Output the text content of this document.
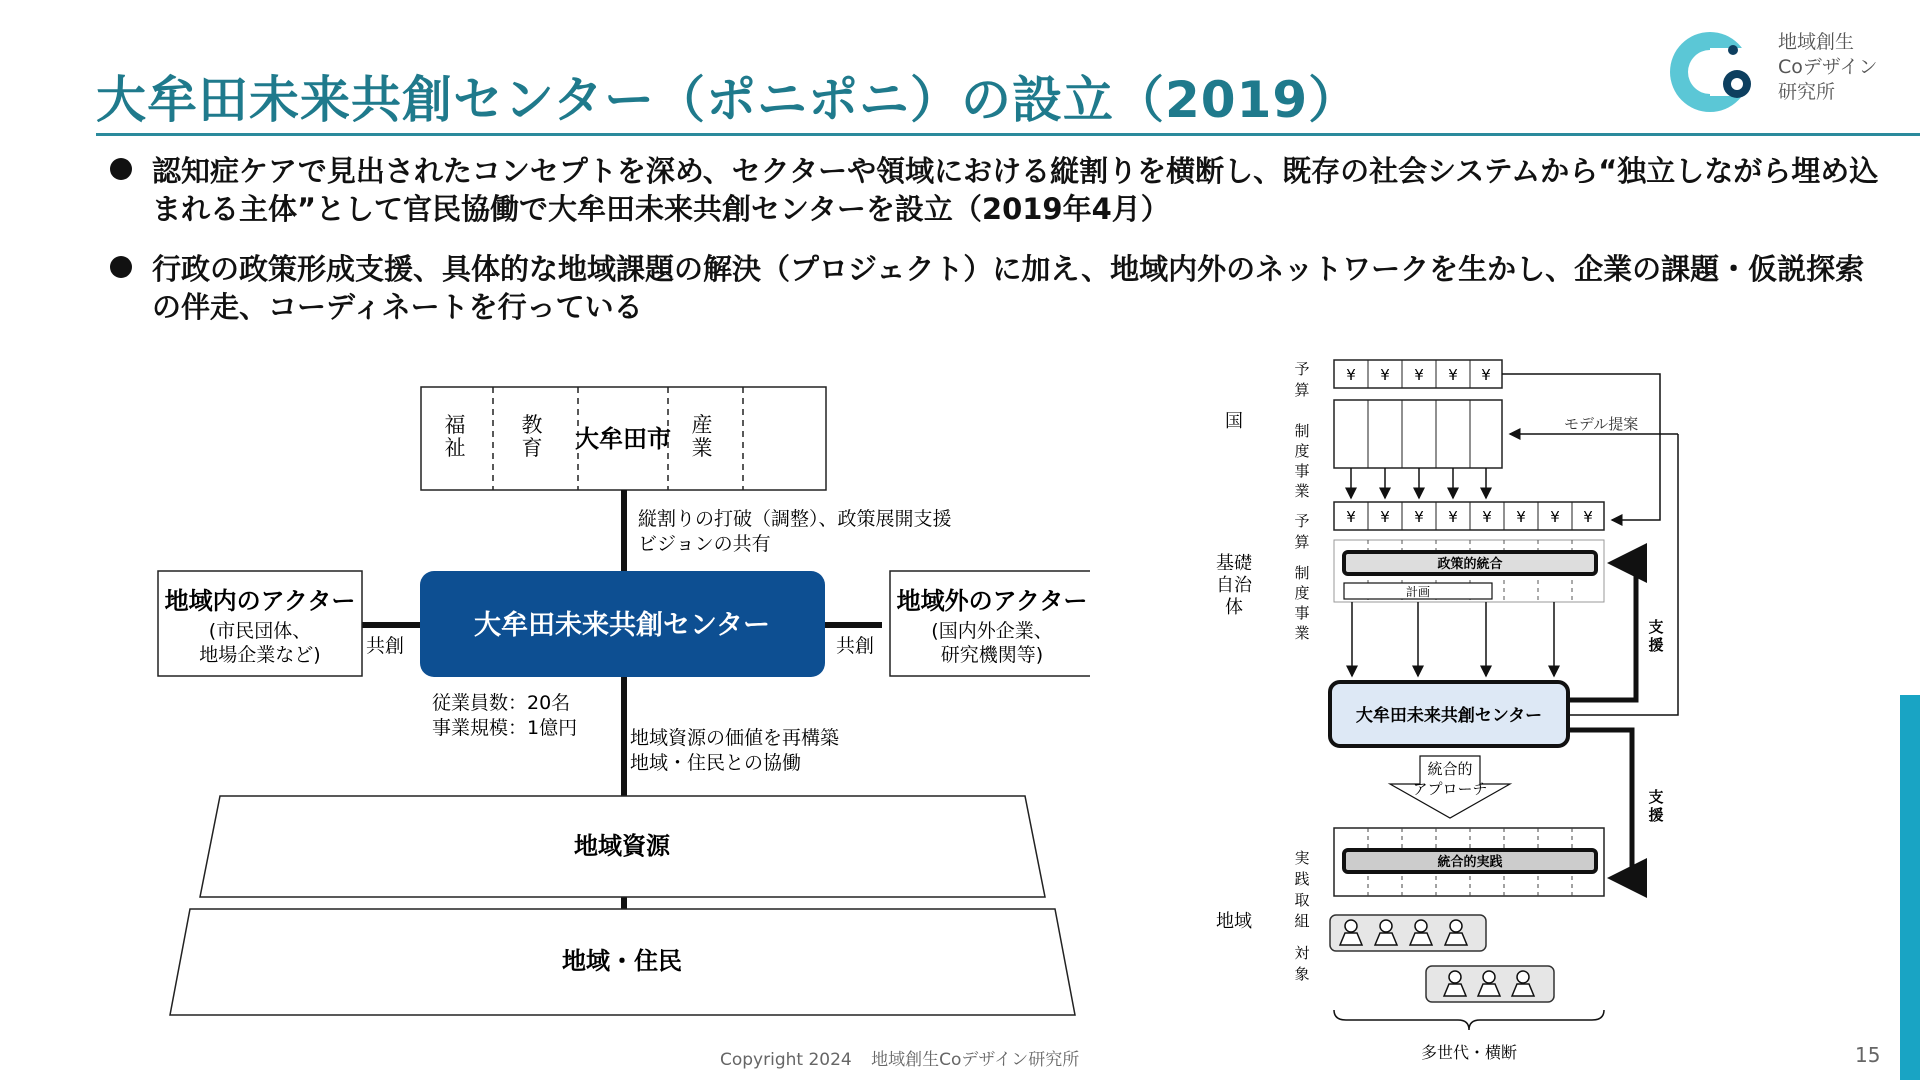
大牟田未来共創センター（ポニポニ）の設立（2019）
地域創生
Coデザイン
研究所
認知症ケアで見出されたコンセプトを深め、セクターや領域における縦割りを横断し、既存の社会システムから“独立しながら埋め込まれる主体”として官民協働で大牟田未来共創センターを設立（2019年4月）
行政の政策形成支援、具体的な地域課題の解決（プロジェクト）に加え、地域内外のネットワークを生かし、企業の課題・仮説探索の伴走、コーディネートを行っている
福
祉
教
育
産
業
大牟田市
縦割りの打破（調整）、政策展開支援
ビジョンの共有
地域内のアクター
(市民団体、
地場企業など) 共創
大牟田未来共創センター
共創
地域外のアクター
(国内外企業、
研究機関等)
従業員数：20名
事業規模：1億円	地域資源の価値を再構築
地域・住民との協働
地域資源
地域・住民
国
基礎
自治
体
地域
予
算
制
度
事
業
予
算
制
度
事
業
実
践
取
組
対
象
¥ ¥ ¥ ¥ ¥
¥ ¥ ¥ ¥ ¥ ¥ ¥ ¥
モデル提案
政策的統合
計画
大牟田未来共創センター
支
援
支
援
統合的
アプローチ
統合的実践
多世代・横断
Copyright 2024 地域創生Coデザイン研究所	15
